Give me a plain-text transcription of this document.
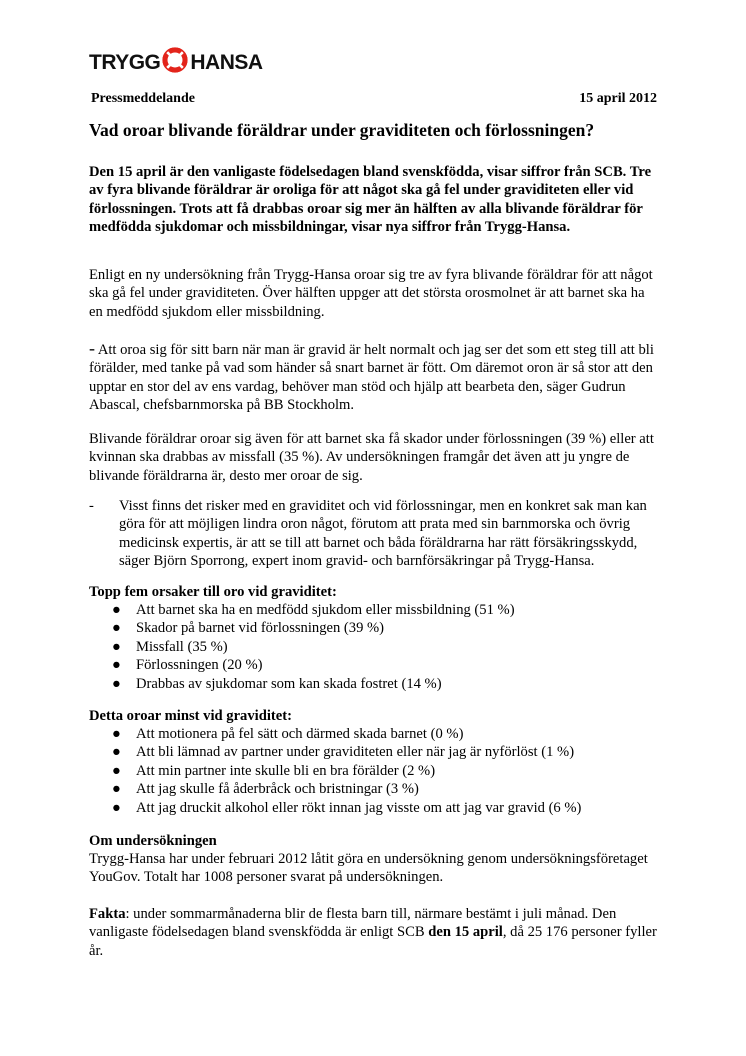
TRYGG HANSA
Pressmeddelande	15 april 2012
Vad oroar blivande föräldrar under graviditeten och förlossningen?

Den 15 april är den vanligaste födelsedagen bland svenskfödda, visar siffror från SCB. Tre av fyra blivande föräldrar är oroliga för att något ska gå fel under graviditeten eller vid förlossningen. Trots att få drabbas oroar sig mer än hälften av alla blivande föräldrar för medfödda sjukdomar och missbildningar, visar nya siffror från Trygg-Hansa.

Enligt en ny undersökning från Trygg-Hansa oroar sig tre av fyra blivande föräldrar för att något ska gå fel under graviditeten. Över hälften uppger att det största orosmolnet är att barnet ska ha en medfödd sjukdom eller missbildning.

- Att oroa sig för sitt barn när man är gravid är helt normalt och jag ser det som ett steg till att bli förälder, med tanke på vad som händer så snart barnet är fött. Om däremot oron är så stor att den upptar en stor del av ens vardag, behöver man stöd och hjälp att bearbeta den, säger Gudrun Abascal, chefsbarnmorska på BB Stockholm.

Blivande föräldrar oroar sig även för att barnet ska få skador under förlossningen (39 %) eller att kvinnan ska drabbas av missfall (35 %). Av undersökningen framgår det även att ju yngre de blivande föräldrarna är, desto mer oroar de sig.

-	Visst finns det risker med en graviditet och vid förlossningar, men en konkret sak man kan göra för att möjligen lindra oron något, förutom att prata med sin barnmorska och övrig medicinsk expertis, är att se till att barnet och båda föräldrarna har rätt försäkringsskydd, säger Björn Sporrong, expert inom gravid- och barnförsäkringar på Trygg-Hansa.

Topp fem orsaker till oro vid graviditet:

● Att barnet ska ha en medfödd sjukdom eller missbildning (51 %)
● Skador på barnet vid förlossningen (39 %)
● Missfall (35 %)
● Förlossningen (20 %)
● Drabbas av sjukdomar som kan skada fostret (14 %)

Detta oroar minst vid graviditet:

● Att motionera på fel sätt och därmed skada barnet (0 %)
● Att bli lämnad av partner under graviditeten eller när jag är nyförlöst (1 %)
● Att min partner inte skulle bli en bra förälder (2 %)
● Att jag skulle få åderbråck och bristningar (3 %)
● Att jag druckit alkohol eller rökt innan jag visste om att jag var gravid (6 %)

Om undersökningen

Trygg-Hansa har under februari 2012 låtit göra en undersökning genom undersökningsföretaget YouGov. Totalt har 1008 personer svarat på undersökningen.

Fakta: under sommarmånaderna blir de flesta barn till, närmare bestämt i juli månad. Den vanligaste födelsedagen bland svenskfödda är enligt SCB den 15 april, då 25 176 personer fyller år.
